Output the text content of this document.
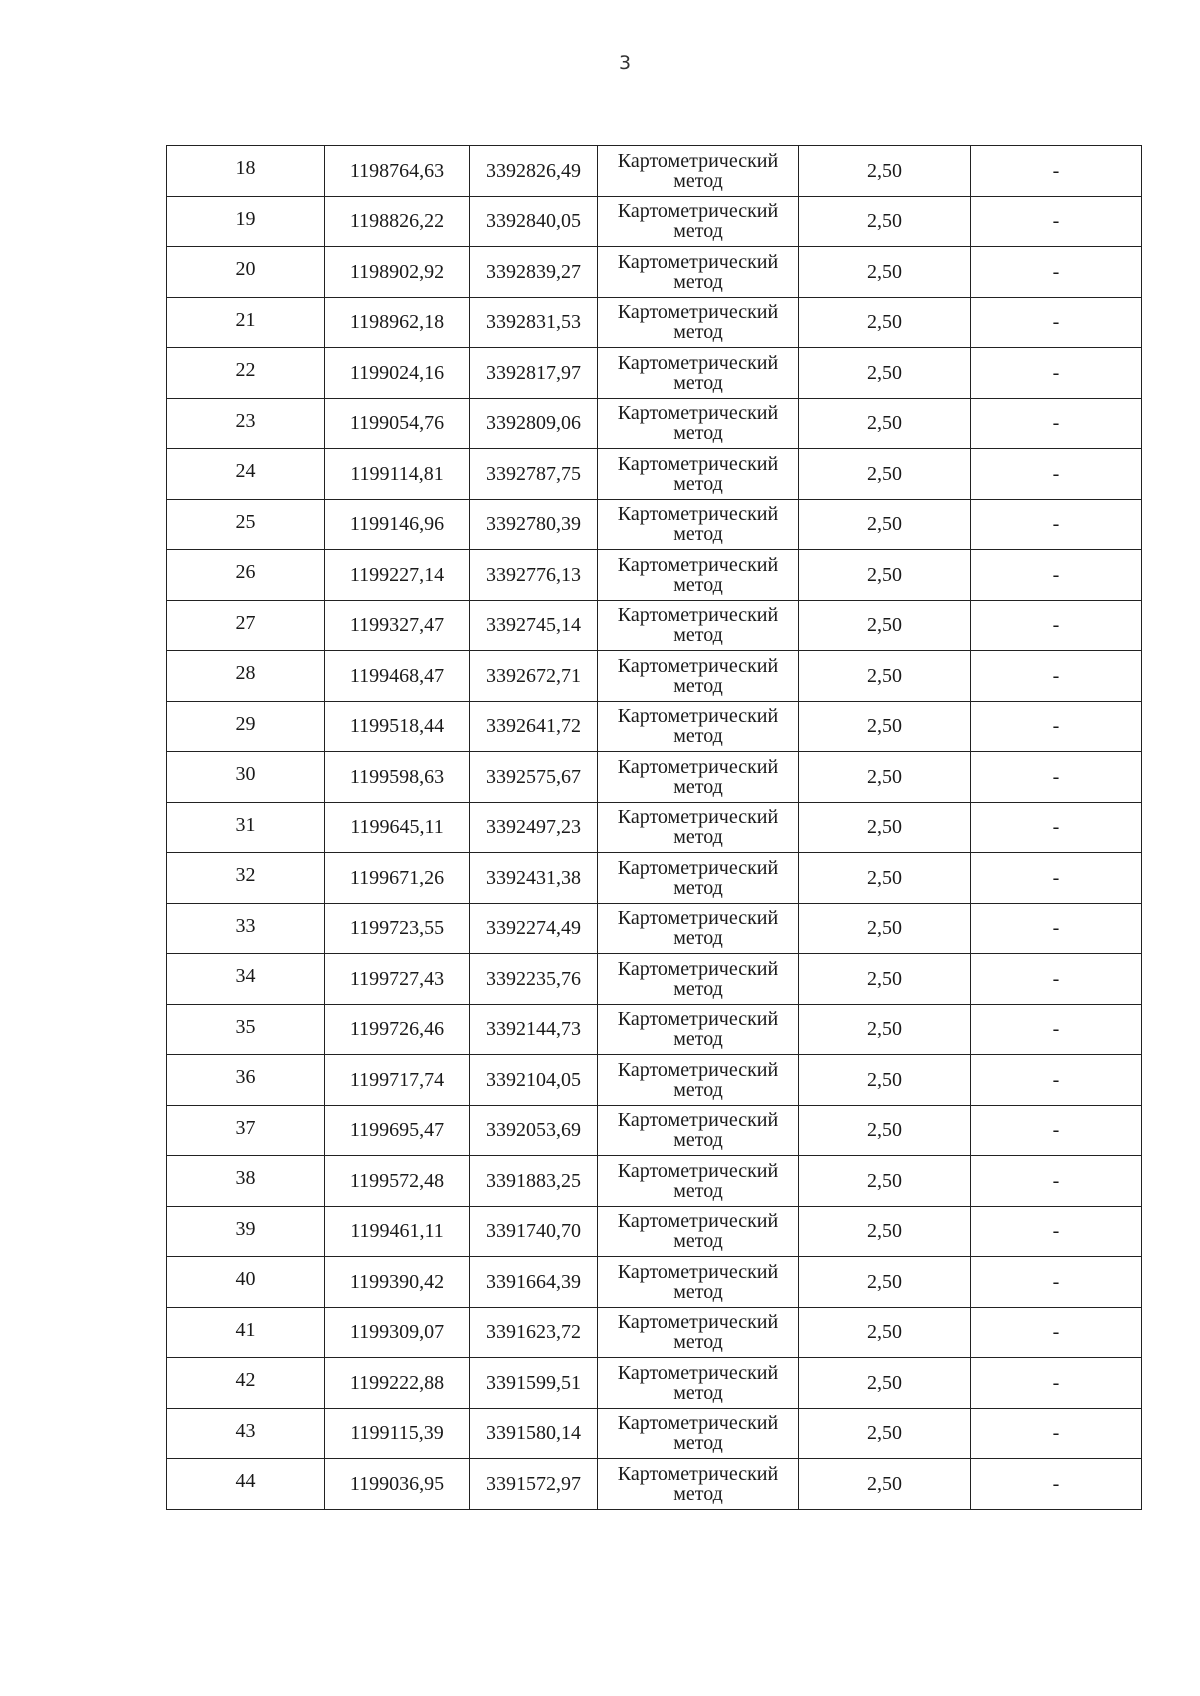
3
18	1198764,63	3392826,49	Картометрический
метод	2,50	-
19	1198826,22	3392840,05	Картометрический
метод	2,50	-
20	1198902,92	3392839,27	Картометрический
метод	2,50	-
21	1198962,18	3392831,53	Картометрический
метод	2,50	-
22	1199024,16	3392817,97	Картометрический
метод	2,50	-
23	1199054,76	3392809,06	Картометрический
метод	2,50	-
24	1199114,81	3392787,75	Картометрический
метод	2,50	-
25	1199146,96	3392780,39	Картометрический
метод	2,50	-
26	1199227,14	3392776,13	Картометрический
метод	2,50	-
27	1199327,47	3392745,14	Картометрический
метод	2,50	-
28	1199468,47	3392672,71	Картометрический
метод	2,50	-
29	1199518,44	3392641,72	Картометрический
метод	2,50	-
30	1199598,63	3392575,67	Картометрический
метод	2,50	-
31	1199645,11	3392497,23	Картометрический
метод	2,50	-
32	1199671,26	3392431,38	Картометрический
метод	2,50	-
33	1199723,55	3392274,49	Картометрический
метод	2,50	-
34	1199727,43	3392235,76	Картометрический
метод	2,50	-
35	1199726,46	3392144,73	Картометрический
метод	2,50	-
36	1199717,74	3392104,05	Картометрический
метод	2,50	-
37	1199695,47	3392053,69	Картометрический
метод	2,50	-
38	1199572,48	3391883,25	Картометрический
метод	2,50	-
39	1199461,11	3391740,70	Картометрический
метод	2,50	-
40	1199390,42	3391664,39	Картометрический
метод	2,50	-
41	1199309,07	3391623,72	Картометрический
метод	2,50	-
42	1199222,88	3391599,51	Картометрический
метод	2,50	-
43	1199115,39	3391580,14	Картометрический
метод	2,50	-
44	1199036,95	3391572,97	Картометрический
метод	2,50	-
